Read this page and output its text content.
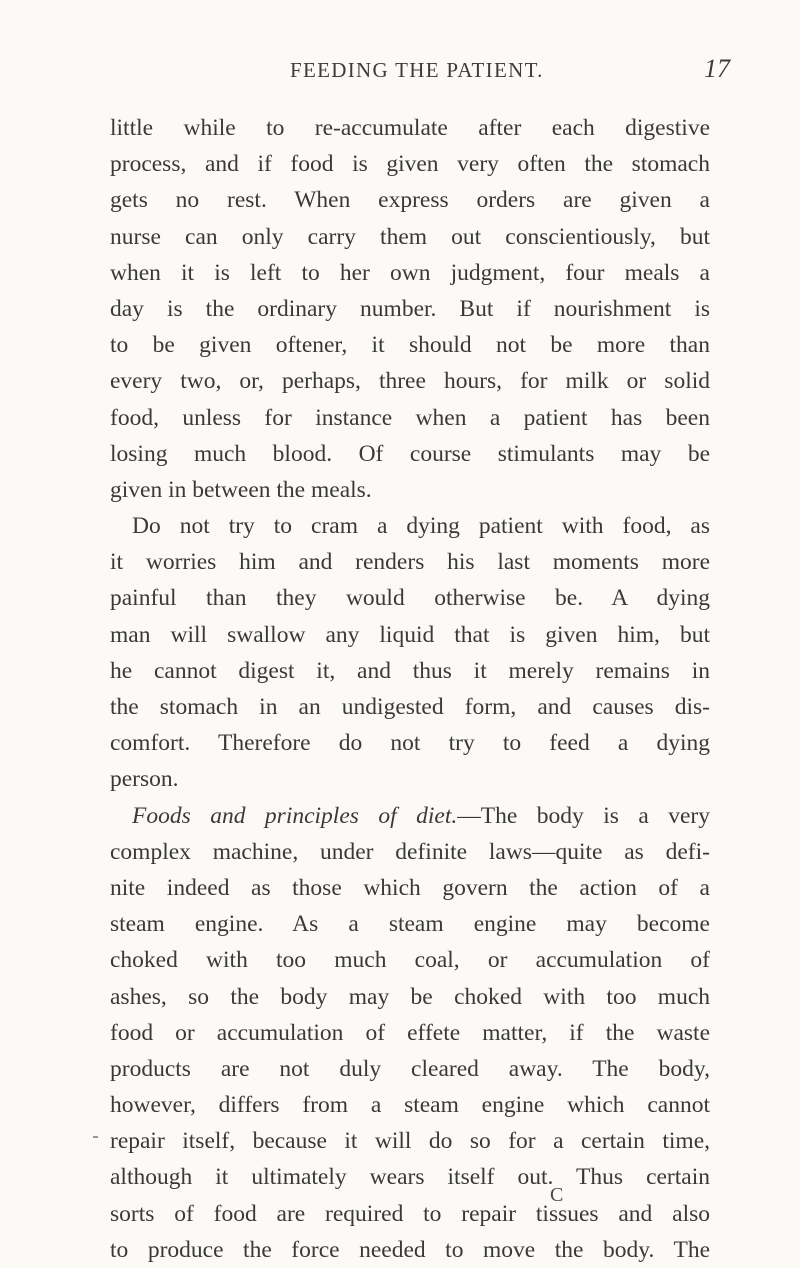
FEEDING THE PATIENT.	17
little while to re-accumulate after each digestive
process, and if food is given very often the stomach
gets no rest. When express orders are given a
nurse can only carry them out conscientiously, but
when it is left to her own judgment, four meals a
day is the ordinary number. But if nourishment is
to be given oftener, it should not be more than
every two, or, perhaps, three hours, for milk or solid
food, unless for instance when a patient has been
losing much blood. Of course stimulants may be
given in between the meals.
Do not try to cram a dying patient with food, as
it worries him and renders his last moments more
painful than they would otherwise be. A dying
man will swallow any liquid that is given him, but
he cannot digest it, and thus it merely remains in
the stomach in an undigested form, and causes dis-
comfort. Therefore do not try to feed a dying
person.
Foods and principles of diet.—The body is a very
complex machine, under definite laws—quite as defi-
nite indeed as those which govern the action of a
steam engine. As a steam engine may become
choked with too much coal, or accumulation of
ashes, so the body may be choked with too much
food or accumulation of effete matter, if the waste
products are not duly cleared away. The body,
however, differs from a steam engine which cannot
repair itself, because it will do so for a certain time,
although it ultimately wears itself out. Thus certain
sorts of food are required to repair tissues and also
to produce the force needed to move the body. The
C
